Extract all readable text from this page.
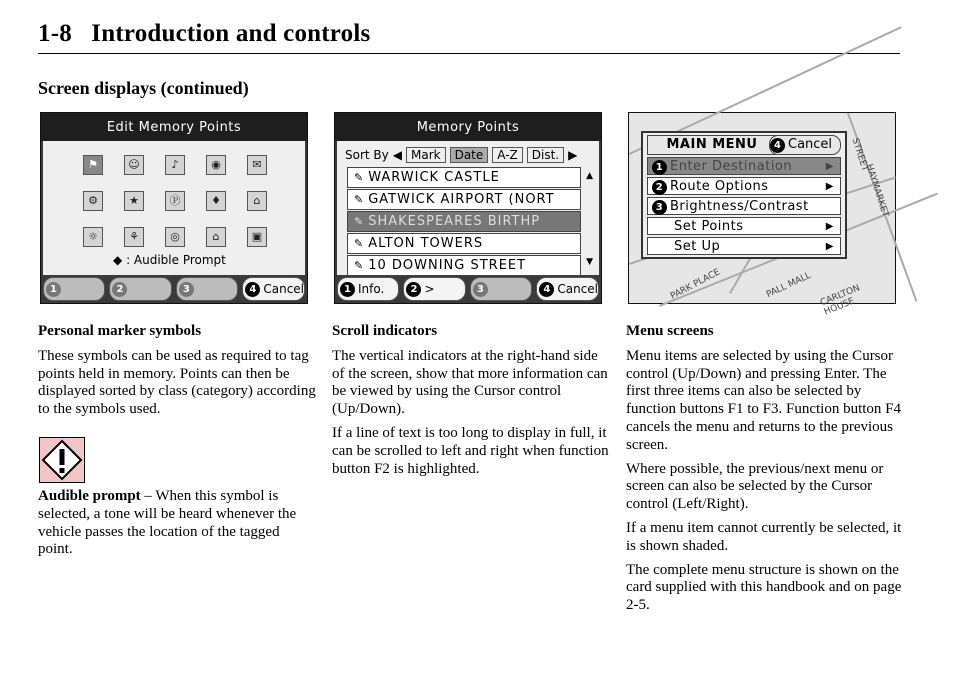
1-8 Introduction and controls
Screen displays (continued)
Edit Memory Points
⚑	☺	♪	◉	✉
⚙	★	Ⓟ	♦	⌂
☼	⚘	◎	⌂	▣
◆ : Audible Prompt
1	2	3	4 Cancel
Memory Points
Sort By ◀ Mark	Date	A-Z	Dist. ▶
✎ WARWICK CASTLE
✎ GATWICK AIRPORT (NORT
✎ SHAKESPEARES BIRTHP
✎ ALTON TOWERS
✎ 10 DOWNING STREET
▲
▼
1 Info.	2 >	3	4 Cancel	PARK PLACE	PALL MALL CARLTON HOUSE
STREET
HAYMARKET
MAIN MENU	4 Cancel
1 Enter Destination	▶
2 Route Options	▶
3 Brightness/Contrast
Set Points	▶
Set Up	▶
Personal marker symbols

These symbols can be used as required to tag points held in memory. Points can then be displayed sorted by class (category) according to the symbols used.

Audible prompt – When this symbol is selected, a tone will be heard whenever the vehicle passes the location of the tagged point.

Scroll indicators

The vertical indicators at the right-hand side of the screen, show that more information can be viewed by using the Cursor control (Up/Down).

If a line of text is too long to display in full, it can be scrolled to left and right when function button F2 is highlighted.

Menu screens

Menu items are selected by using the Cursor control (Up/Down) and pressing Enter. The first three items can also be selected by function buttons F1 to F3. Function button F4 cancels the menu and returns to the previous screen.

Where possible, the previous/next menu or screen can also be selected by the Cursor control (Left/Right).

If a menu item cannot currently be selected, it is shown shaded.

The complete menu structure is shown on the card supplied with this handbook and on page 2-5.
